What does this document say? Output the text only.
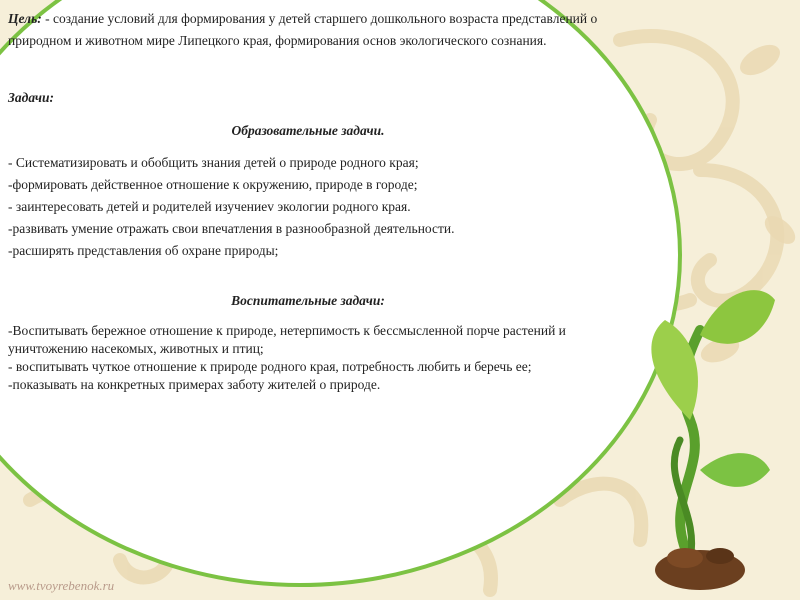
Цель: - создание условий для формирования у детей старшего дошкольного возраста представлений о природном и животном мире Липецкого края, формирования основ экологического сознания.

Задачи:

Образовательные задачи.

- Систематизировать и обобщить знания детей о природе родного края;
-формировать действенное отношение к окружению, природе в городе;
- заинтересовать детей и родителей изучениеv экологии родного края.
-развивать умение отражать свои впечатления в разнообразной деятельности.
-расширять представления об охране природы;

Воспитательные задачи:

-Воспитывать бережное отношение к природе, нетерпимость к бессмысленной порче растений и уничтожению насекомых, животных и птиц;
- воспитывать чуткое отношение к природе родного края, потребность любить и беречь ее;
-показывать на конкретных примерах заботу жителей о природе.
www.tvoyrebenok.ru
